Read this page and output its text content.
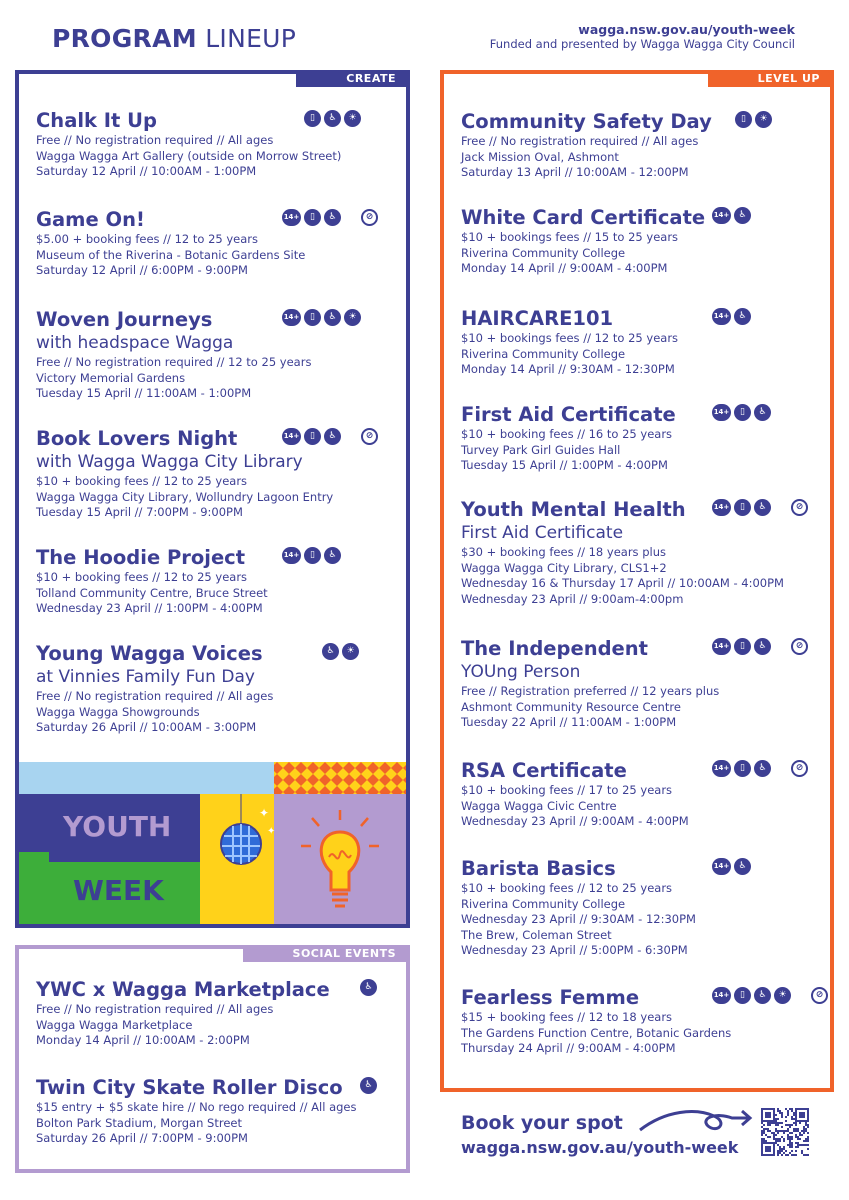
PROGRAM LINEUP	wagga.nsw.gov.au/youth-week
Funded and presented by Wagga Wagga City Council
CREATE
Chalk It Up
Free // No registration required // All ages
Wagga Wagga Art Gallery (outside on Morrow Street)
Saturday 12 April // 10:00AM - 1:00PM
▯	♿	☀
Game On!
$5.00 + booking fees // 12 to 25 years
Museum of the Riverina - Botanic Gardens Site
Saturday 12 April // 6:00PM - 9:00PM
14+	▯	♿	⊘
Woven Journeys
with headspace Wagga
Free // No registration required // 12 to 25 years
Victory Memorial Gardens
Tuesday 15 April // 11:00AM - 1:00PM
14+	▯	♿	☀
Book Lovers Night
with Wagga Wagga City Library
$10 + booking fees // 12 to 25 years
Wagga Wagga City Library, Wollundry Lagoon Entry
Tuesday 15 April // 7:00PM - 9:00PM
14+	▯	♿	⊘
The Hoodie Project
$10 + booking fees // 12 to 25 years
Tolland Community Centre, Bruce Street
Wednesday 23 April // 1:00PM - 4:00PM
14+	▯	♿
Young Wagga Voices
at Vinnies Family Fun Day
Free // No registration required // All ages
Wagga Wagga Showgrounds
Saturday 26 April // 10:00AM - 3:00PM
♿	☀
✦
✦
YOUTH
WEEK
SOCIAL EVENTS
YWC x Wagga Marketplace
Free // No registration required // All ages
Wagga Wagga Marketplace
Monday 14 April // 10:00AM - 2:00PM
♿
Twin City Skate Roller Disco
$15 entry + $5 skate hire // No rego required // All ages
Bolton Park Stadium, Morgan Street
Saturday 26 April // 7:00PM - 9:00PM
♿
LEVEL UP
Community Safety Day
Free // No registration required // All ages
Jack Mission Oval, Ashmont
Saturday 13 April // 10:00AM - 12:00PM
▯	☀
White Card Certificate
$10 + bookings fees // 15 to 25 years
Riverina Community College
Monday 14 April // 9:00AM - 4:00PM
14+	♿
HAIRCARE101
$10 + bookings fees // 12 to 25 years
Riverina Community College
Monday 14 April // 9:30AM - 12:30PM
14+	♿
First Aid Certificate
$10 + booking fees // 16 to 25 years
Turvey Park Girl Guides Hall
Tuesday 15 April // 1:00PM - 4:00PM
14+	▯	♿
Youth Mental Health
First Aid Certificate
$30 + booking fees // 18 years plus
Wagga Wagga City Library, CLS1+2
Wednesday 16 & Thursday 17 April // 10:00AM - 4:00PM
Wednesday 23 April // 9:00am-4:00pm
14+	▯	♿	⊘
The Independent
YOUng Person
Free // Registration preferred // 12 years plus
Ashmont Community Resource Centre
Tuesday 22 April // 11:00AM - 1:00PM
14+	▯	♿	⊘
RSA Certificate
$10 + booking fees // 17 to 25 years
Wagga Wagga Civic Centre
Wednesday 23 April // 9:00AM - 4:00PM
14+	▯	♿	⊘
Barista Basics
$10 + booking fees // 12 to 25 years
Riverina Community College
Wednesday 23 April // 9:30AM - 12:30PM
The Brew, Coleman Street
Wednesday 23 April // 5:00PM - 6:30PM
14+	♿
Fearless Femme
$15 + booking fees // 12 to 18 years
The Gardens Function Centre, Botanic Gardens
Thursday 24 April // 9:00AM - 4:00PM
14+	▯	♿	☀	⊘
Book your spot
wagga.nsw.gov.au/youth-week
